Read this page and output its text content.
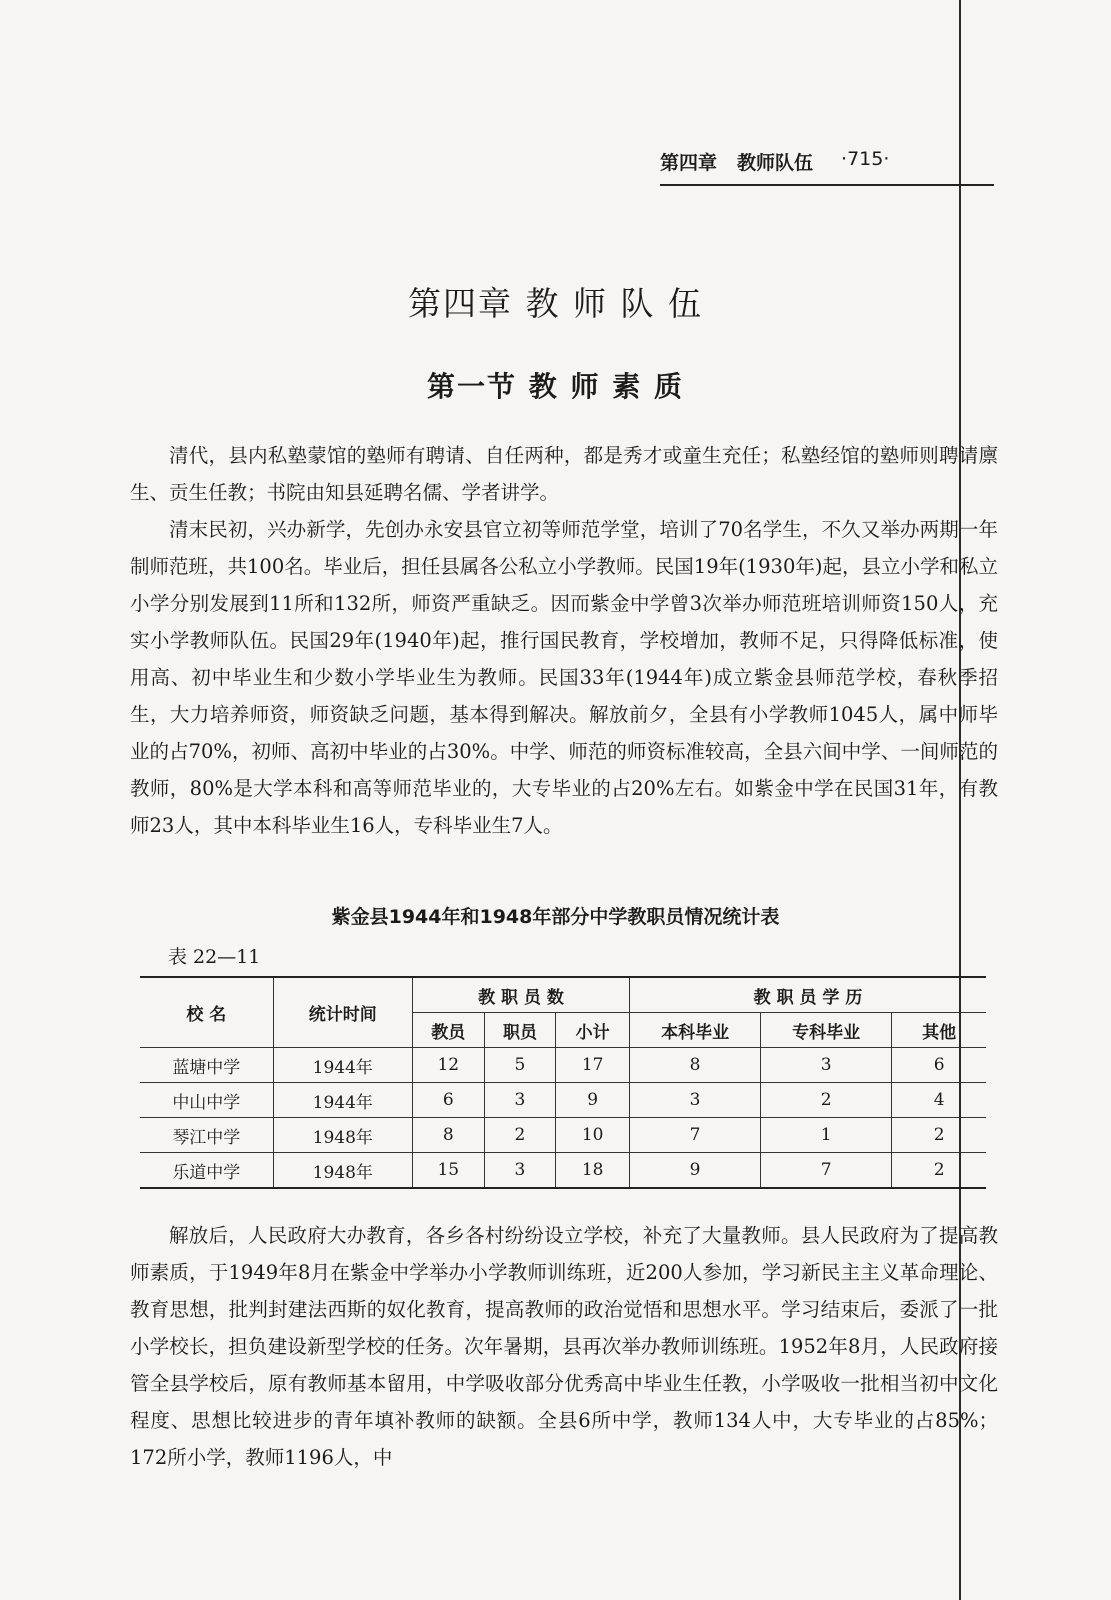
第四章 教师队伍 ·715·
第四章 教 师 队 伍
第一节 教 师 素 质

清代，县内私塾蒙馆的塾师有聘请、自任两种，都是秀才或童生充任；私塾经馆的塾师则聘请廪生、贡生任教；书院由知县延聘名儒、学者讲学。

清末民初，兴办新学，先创办永安县官立初等师范学堂，培训了70名学生，不久又举办两期一年制师范班，共100名。毕业后，担任县属各公私立小学教师。民国19年(1930年)起，县立小学和私立小学分别发展到11所和132所，师资严重缺乏。因而紫金中学曾3次举办师范班培训师资150人，充实小学教师队伍。民国29年(1940年)起，推行国民教育，学校增加，教师不足，只得降低标准，使用高、初中毕业生和少数小学毕业生为教师。民国33年(1944年)成立紫金县师范学校，春秋季招生，大力培养师资，师资缺乏问题，基本得到解决。解放前夕，全县有小学教师1045人，属中师毕业的占70%，初师、高初中毕业的占30%。中学、师范的师资标准较高，全县六间中学、一间师范的教师，80%是大学本科和高等师范毕业的，大专毕业的占20%左右。如紫金中学在民国31年，有教师23人，其中本科毕业生16人，专科毕业生7人。

紫金县1944年和1948年部分中学教职员情况统计表
表 22—11
校 名	统计时间	教 职 员 数			教 职 员 学 历		
		教员	职员	小计	本科毕业	专科毕业	其他
蓝塘中学	1944年	12	5	17	8	3	6
中山中学	1944年	6	3	9	3	2	4
琴江中学	1948年	8	2	10	7	1	2
乐道中学	1948年	15	3	18	9	7	2

解放后，人民政府大办教育，各乡各村纷纷设立学校，补充了大量教师。县人民政府为了提高教师素质，于1949年8月在紫金中学举办小学教师训练班，近200人参加，学习新民主主义革命理论、教育思想，批判封建法西斯的奴化教育，提高教师的政治觉悟和思想水平。学习结束后，委派了一批小学校长，担负建设新型学校的任务。次年暑期，县再次举办教师训练班。1952年8月，人民政府接管全县学校后，原有教师基本留用，中学吸收部分优秀高中毕业生任教，小学吸收一批相当初中文化程度、思想比较进步的青年填补教师的缺额。全县6所中学，教师134人中，大专毕业的占85%；172所小学，教师1196人，中
